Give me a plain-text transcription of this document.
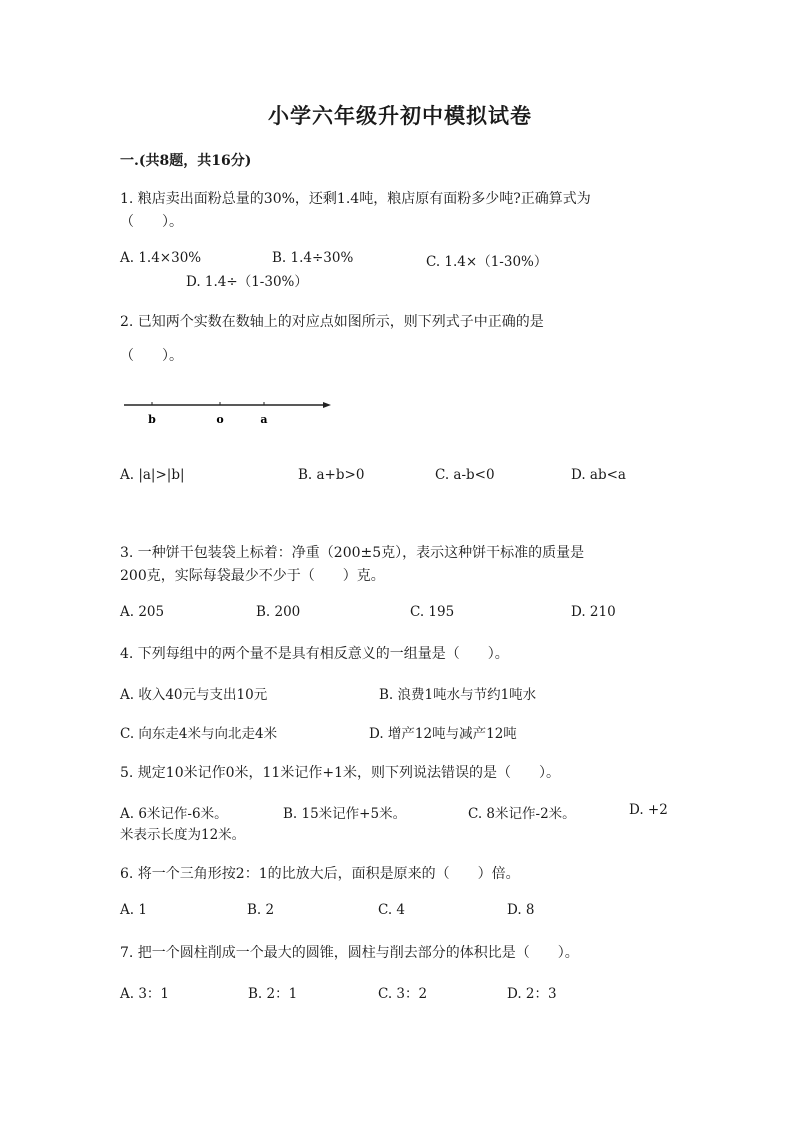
小学六年级升初中模拟试卷
一.(共8题，共16分)
1. 粮店卖出面粉总量的30%，还剩1.4吨，粮店原有面粉多少吨?正确算式为
（　　）。
A. 1.4×30%	B. 1.4÷30%	C. 1.4×（1-30%）
D. 1.4÷（1-30%）
2. 已知两个实数在数轴上的对应点如图所示，则下列式子中正确的是
（　　）。
b	o	a
A. |a|>|b|	B. a+b>0	C. a-b<0	D. ab<a
3. 一种饼干包装袋上标着：净重（200±5克），表示这种饼干标准的质量是
200克，实际每袋最少不少于（　　）克。
A. 205	B. 200	C. 195	D. 210
4. 下列每组中的两个量不是具有相反意义的一组量是（　　）。
A. 收入40元与支出10元	B. 浪费1吨水与节约1吨水
C. 向东走4米与向北走4米	D. 增产12吨与减产12吨
5. 规定10米记作0米，11米记作+1米，则下列说法错误的是（　　）。
A. 6米记作-6米。	B. 15米记作+5米。	C. 8米记作-2米。	D. +2
米表示长度为12米。
6. 将一个三角形按2：1的比放大后，面积是原来的（　　）倍。
A. 1	B. 2	C. 4	D. 8
7. 把一个圆柱削成一个最大的圆锥，圆柱与削去部分的体积比是（　　）。
A. 3：1	B. 2：1	C. 3：2	D. 2：3
